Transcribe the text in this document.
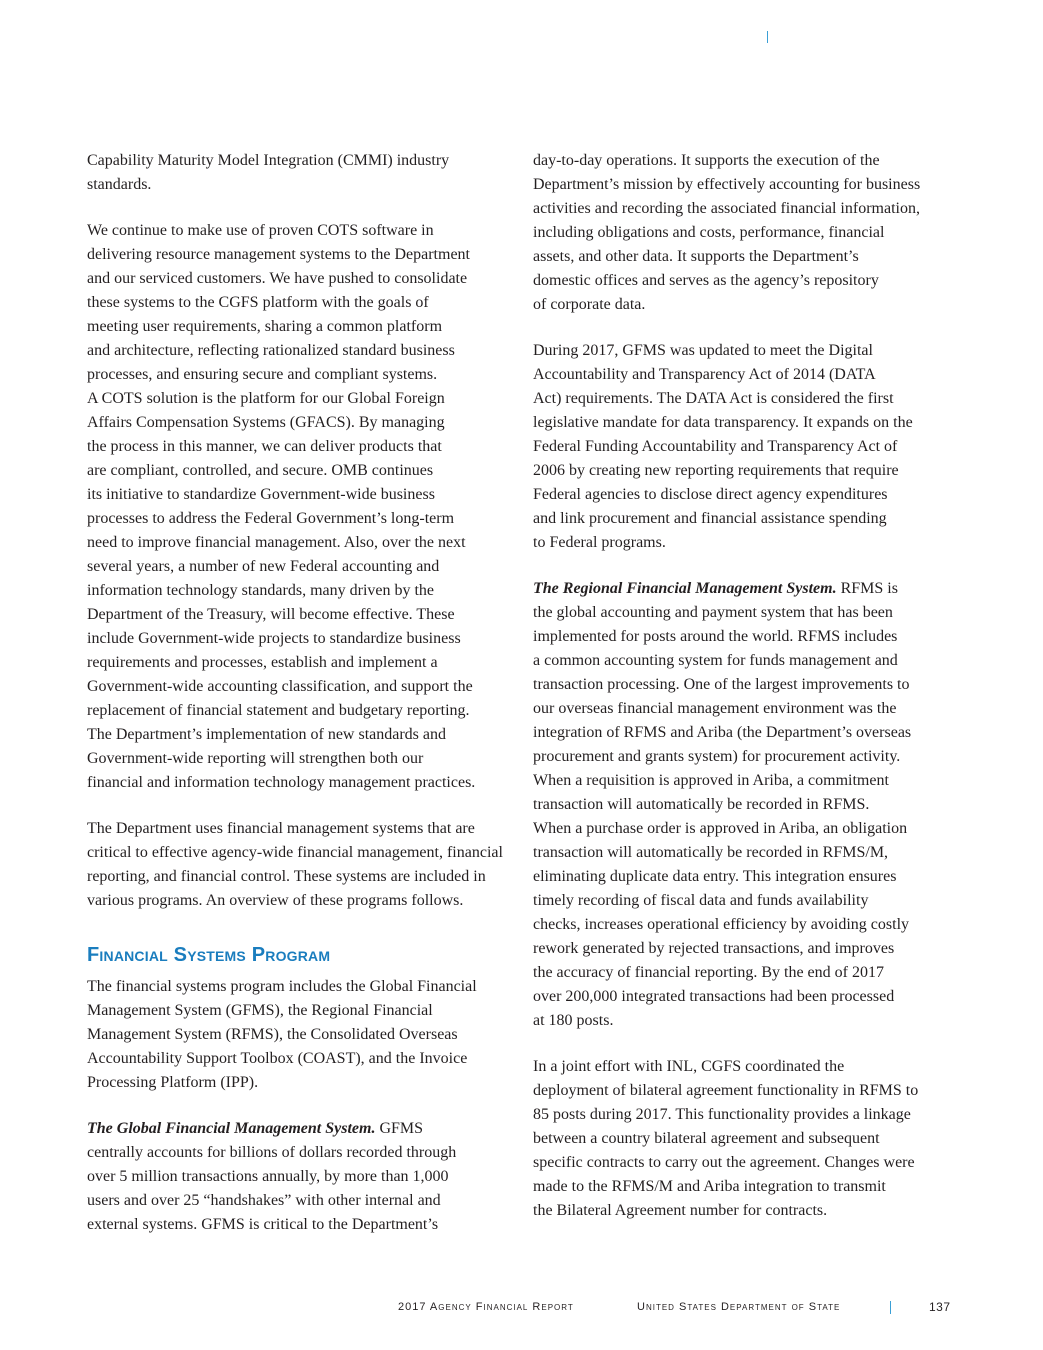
Capability Maturity Model Integration (CMMI) industry
standards.

We continue to make use of proven COTS software in
delivering resource management systems to the Department
and our serviced customers. We have pushed to consolidate
these systems to the CGFS platform with the goals of
meeting user requirements, sharing a common platform
and architecture, reflecting rationalized standard business
processes, and ensuring secure and compliant systems.
A COTS solution is the platform for our Global Foreign
Affairs Compensation Systems (GFACS). By managing
the process in this manner, we can deliver products that
are compliant, controlled, and secure. OMB continues
its initiative to standardize Government-wide business
processes to address the Federal Government’s long-term
need to improve financial management. Also, over the next
several years, a number of new Federal accounting and
information technology standards, many driven by the
Department of the Treasury, will become effective. These
include Government-wide projects to standardize business
requirements and processes, establish and implement a
Government-wide accounting classification, and support the
replacement of financial statement and budgetary reporting.
The Department’s implementation of new standards and
Government-wide reporting will strengthen both our
financial and information technology management practices.

The Department uses financial management systems that are
critical to effective agency-wide financial management, financial
reporting, and financial control. These systems are included in
various programs. An overview of these programs follows.

Financial Systems Program

The financial systems program includes the Global Financial
Management System (GFMS), the Regional Financial
Management System (RFMS), the Consolidated Overseas
Accountability Support Toolbox (COAST), and the Invoice
Processing Platform (IPP).

The Global Financial Management System. GFMS
centrally accounts for billions of dollars recorded through
over 5 million transactions annually, by more than 1,000
users and over 25 “handshakes” with other internal and
external systems. GFMS is critical to the Department’s

day-to-day operations. It supports the execution of the
Department’s mission by effectively accounting for business
activities and recording the associated financial information,
including obligations and costs, performance, financial
assets, and other data. It supports the Department’s
domestic offices and serves as the agency’s repository
of corporate data.

During 2017, GFMS was updated to meet the Digital
Accountability and Transparency Act of 2014 (DATA
Act) requirements. The DATA Act is considered the first
legislative mandate for data transparency. It expands on the
Federal Funding Accountability and Transparency Act of
2006 by creating new reporting requirements that require
Federal agencies to disclose direct agency expenditures
and link procurement and financial assistance spending
to Federal programs.

The Regional Financial Management System. RFMS is
the global accounting and payment system that has been
implemented for posts around the world. RFMS includes
a common accounting system for funds management and
transaction processing. One of the largest improvements to
our overseas financial management environment was the
integration of RFMS and Ariba (the Department’s overseas
procurement and grants system) for procurement activity.
When a requisition is approved in Ariba, a commitment
transaction will automatically be recorded in RFMS.
When a purchase order is approved in Ariba, an obligation
transaction will automatically be recorded in RFMS/M,
eliminating duplicate data entry. This integration ensures
timely recording of fiscal data and funds availability
checks, increases operational efficiency by avoiding costly
rework generated by rejected transactions, and improves
the accuracy of financial reporting. By the end of 2017
over 200,000 integrated transactions had been processed
at 180 posts.

In a joint effort with INL, CGFS coordinated the
deployment of bilateral agreement functionality in RFMS to
85 posts during 2017. This functionality provides a linkage
between a country bilateral agreement and subsequent
specific contracts to carry out the agreement. Changes were
made to the RFMS/M and Ariba integration to transmit
the Bilateral Agreement number for contracts.

2017 Agency Financial Report	United States Department of State	137
